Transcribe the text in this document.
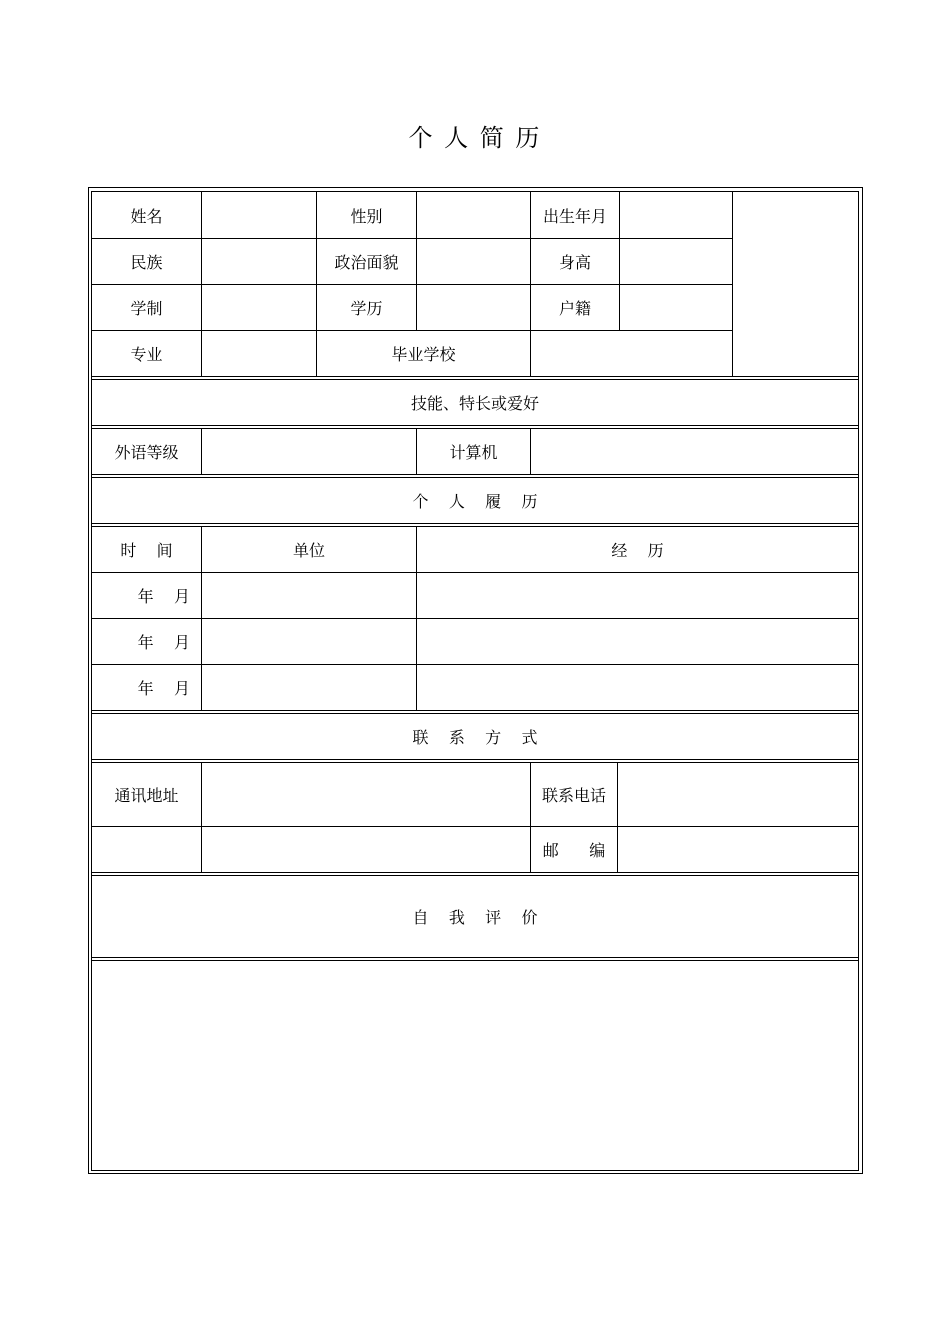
个 人 简 历
姓名	性别	出生年月
民族	政治面貌	身高
学制	学历	户籍
专业	毕业学校
技能、特长或爱好
外语等级	计算机
个    人    履    历
时    间	单位	经    历
年    月
年    月
年    月
联    系    方    式
通讯地址	联系电话
邮      编
自    我    评    价
